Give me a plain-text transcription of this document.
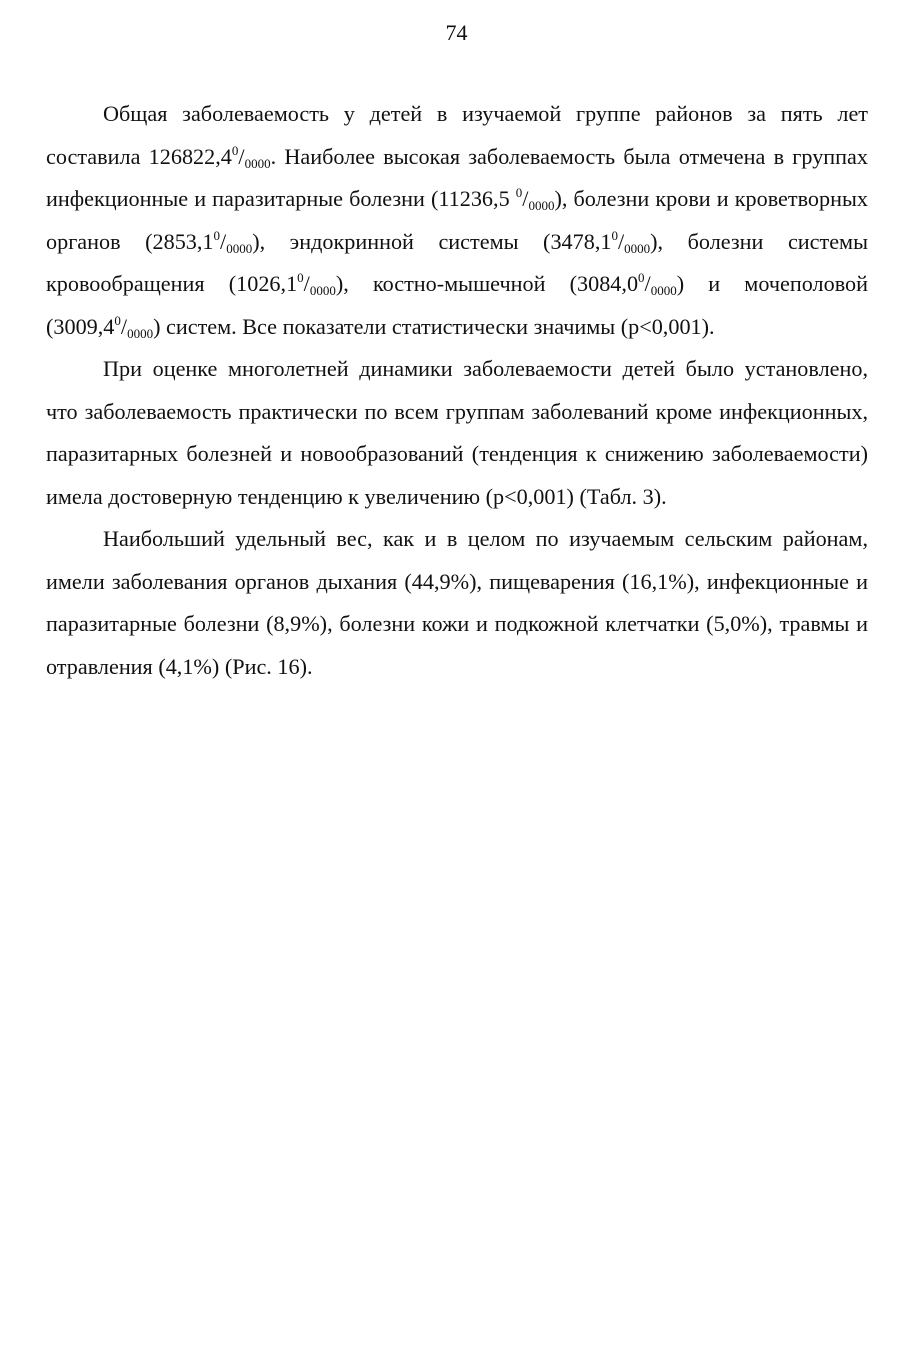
74

Общая заболеваемость у детей в изучаемой группе районов за пять лет составила $126822,4^0/_{0000}$. Наиболее высокая заболеваемость была отмечена в группах инфекционные и паразитарные болезни (11236,5 $^0/_{0000}$), болезни крови и кроветворных органов $(2853,1^0/_{0000})$, эндокринной системы $(3478,1^0/_{0000})$, болезни системы кровообращения $(1026,1^0/_{0000})$, костно-мышечной $(3084,0^0/_{0000})$ и мочеполовой $(3009,4^0/_{0000})$ систем. Все показатели статистически значимы (p<0,001).

При оценке многолетней динамики заболеваемости детей было установлено, что заболеваемость практически по всем группам заболеваний кроме инфекционных, паразитарных болезней и новообразований (тенденция к снижению заболеваемости) имела достоверную тенденцию к увеличению (p<0,001) (Табл. 3).

Наибольший удельный вес, как и в целом по изучаемым сельским районам, имели заболевания органов дыхания (44,9%), пищеварения (16,1%), инфекционные и паразитарные болезни (8,9%), болезни кожи и подкожной клетчатки (5,0%), травмы и отравления (4,1%) (Рис. 16).
